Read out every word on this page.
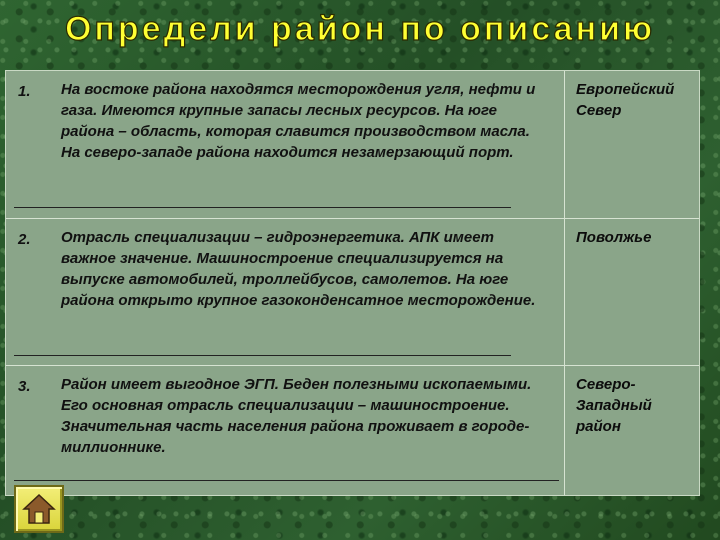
Определи район по описанию
1. На востоке района находятся месторождения угля, нефти и газа. Имеются крупные запасы лесных ресурсов. На юге района – область, которая славится производством масла. На северо-западе района находится незамерзающий порт.
Европейский Север
2. Отрасль специализации – гидроэнергетика. АПК имеет важное значение. Машиностроение специализируется на выпуске автомобилей, троллейбусов, самолетов. На юге района открыто крупное газоконденсатное месторождение.
Поволжье
3. Район имеет выгодное ЭГП. Беден полезными ископаемыми. Его основная отрасль специализации – машиностроение. Значительная часть населения района проживает в городе-миллионнике.
Северо-Западный район
